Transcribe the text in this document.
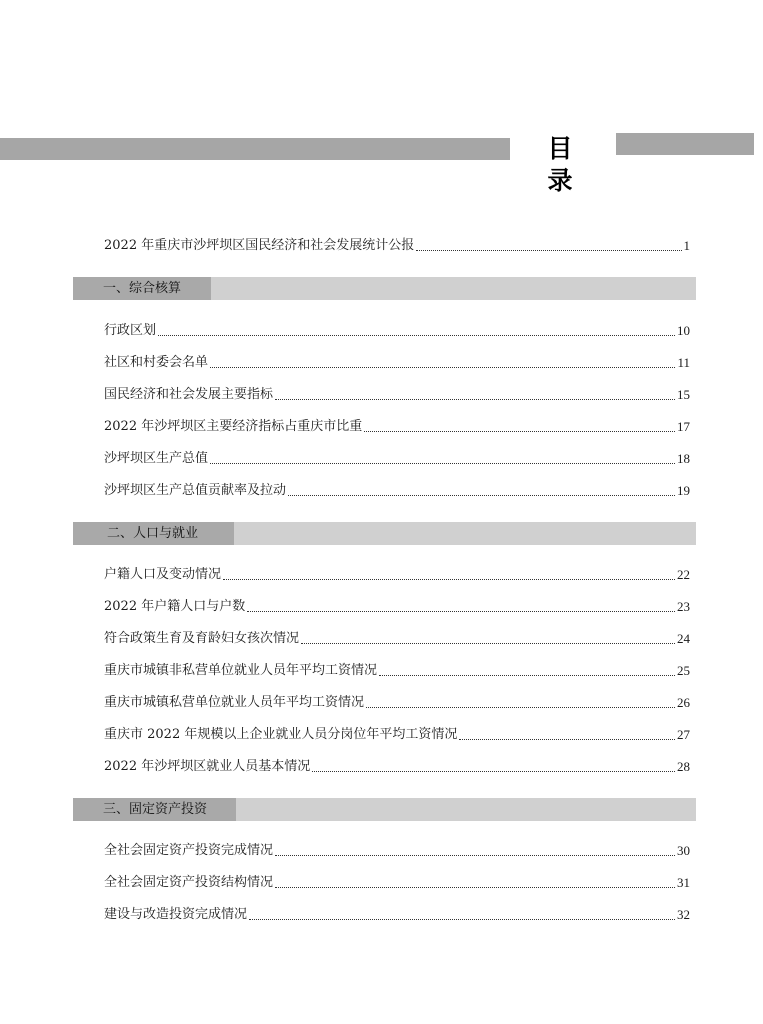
目 录
2022 年重庆市沙坪坝区国民经济和社会发展统计公报	1
一、综合核算
行政区划	10
社区和村委会名单	11
国民经济和社会发展主要指标	15
2022 年沙坪坝区主要经济指标占重庆市比重	17
沙坪坝区生产总值	18
沙坪坝区生产总值贡献率及拉动	19
二、人口与就业
户籍人口及变动情况	22
2022 年户籍人口与户数	23
符合政策生育及育龄妇女孩次情况	24
重庆市城镇非私营单位就业人员年平均工资情况	25
重庆市城镇私营单位就业人员年平均工资情况	26
重庆市 2022 年规模以上企业就业人员分岗位年平均工资情况	27
2022 年沙坪坝区就业人员基本情况	28
三、固定资产投资
全社会固定资产投资完成情况	30
全社会固定资产投资结构情况	31
建设与改造投资完成情况	32
